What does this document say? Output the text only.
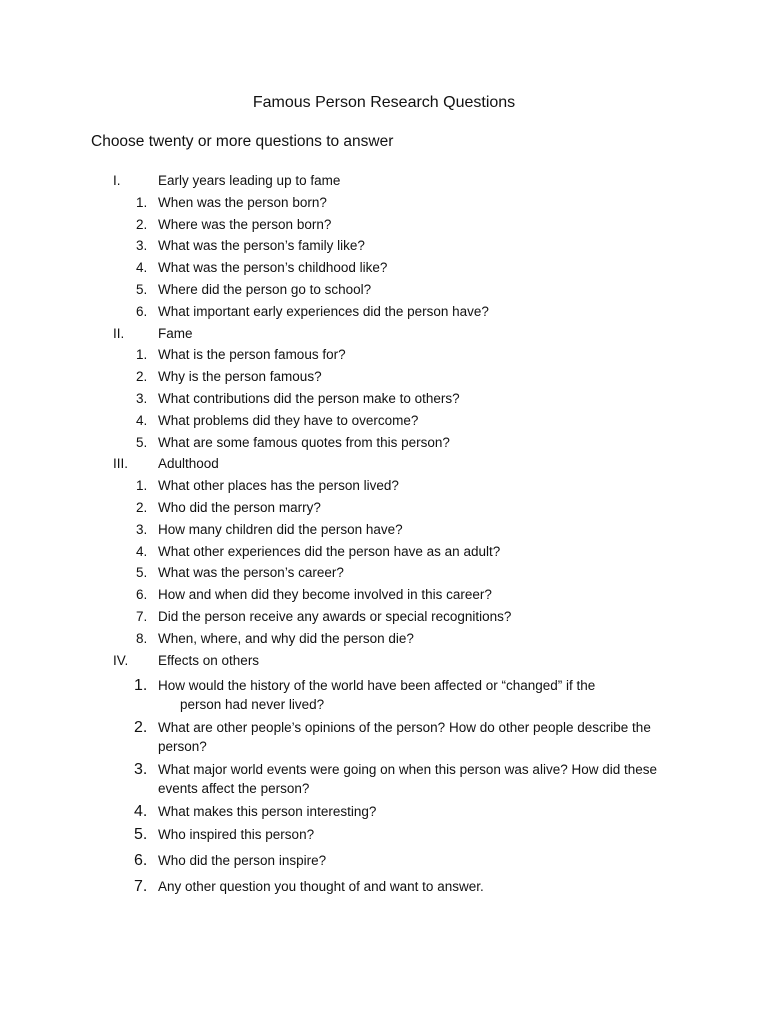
Famous Person Research Questions
Choose twenty or more questions to answer
I.	Early years leading up to fame
1. When was the person born?
2. Where was the person born?
3. What was the person’s family like?
4. What was the person’s childhood like?
5. Where did the person go to school?
6. What important early experiences did the person have?
II. Fame
1. What is the person famous for?
2. Why is the person famous?
3. What contributions did the person make to others?
4. What problems did they have to overcome?
5. What are some famous quotes from this person?
III. Adulthood
1. What other places has the person lived?
2. Who did the person marry?
3. How many children did the person have?
4. What other experiences did the person have as an adult?
5. What was the person’s career?
6. How and when did they become involved in this career?
7. Did the person receive any awards or special recognitions?
8. When, where, and why did the person die?
IV. Effects on others
1. How would the history of the world have been affected or “changed” if the
person had never lived?
2. What are other people’s opinions of the person? How do other people describe the
person?
3. What major world events were going on when this person was alive? How did these
events affect the person?
4. What makes this person interesting?
5. Who inspired this person?
6. Who did the person inspire?
7. Any other question you thought of and want to answer.
